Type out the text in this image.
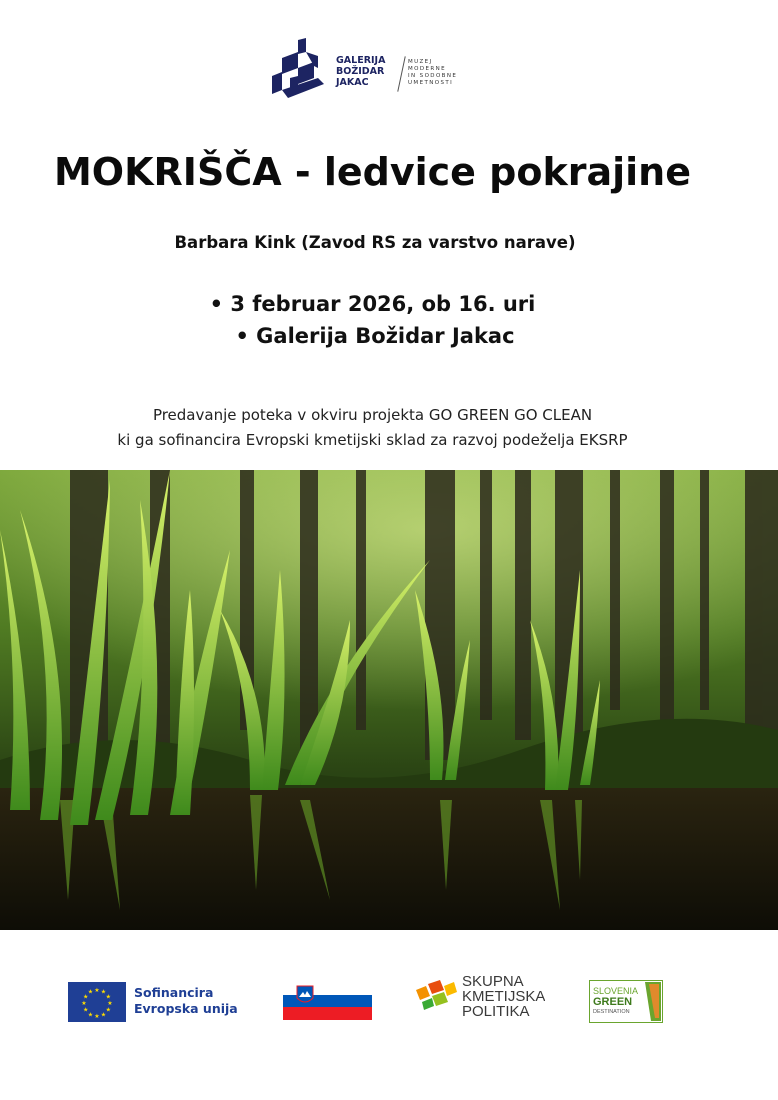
GALERIJA
BOŽIDAR
JAKAC
MUZEJ
MODERNE
IN SODOBNE
UMETNOSTI
MOKRIŠČA - ledvice pokrajine
Barbara Kink (Zavod RS za varstvo narave)
• 3 februar 2026, ob 16. uri
• Galerija Božidar Jakac
Predavanje poteka v okviru projekta GO GREEN GO CLEAN
ki ga sofinancira Evropski kmetijski sklad za razvoj podeželja EKSRP
★ ★
★
★
★
★
★
★
★
★
★
★	Sofinancira
Evropska unija
SKUPNA
KMETIJSKA
POLITIKA
SLOVENIA
GREEN
DESTINATION
